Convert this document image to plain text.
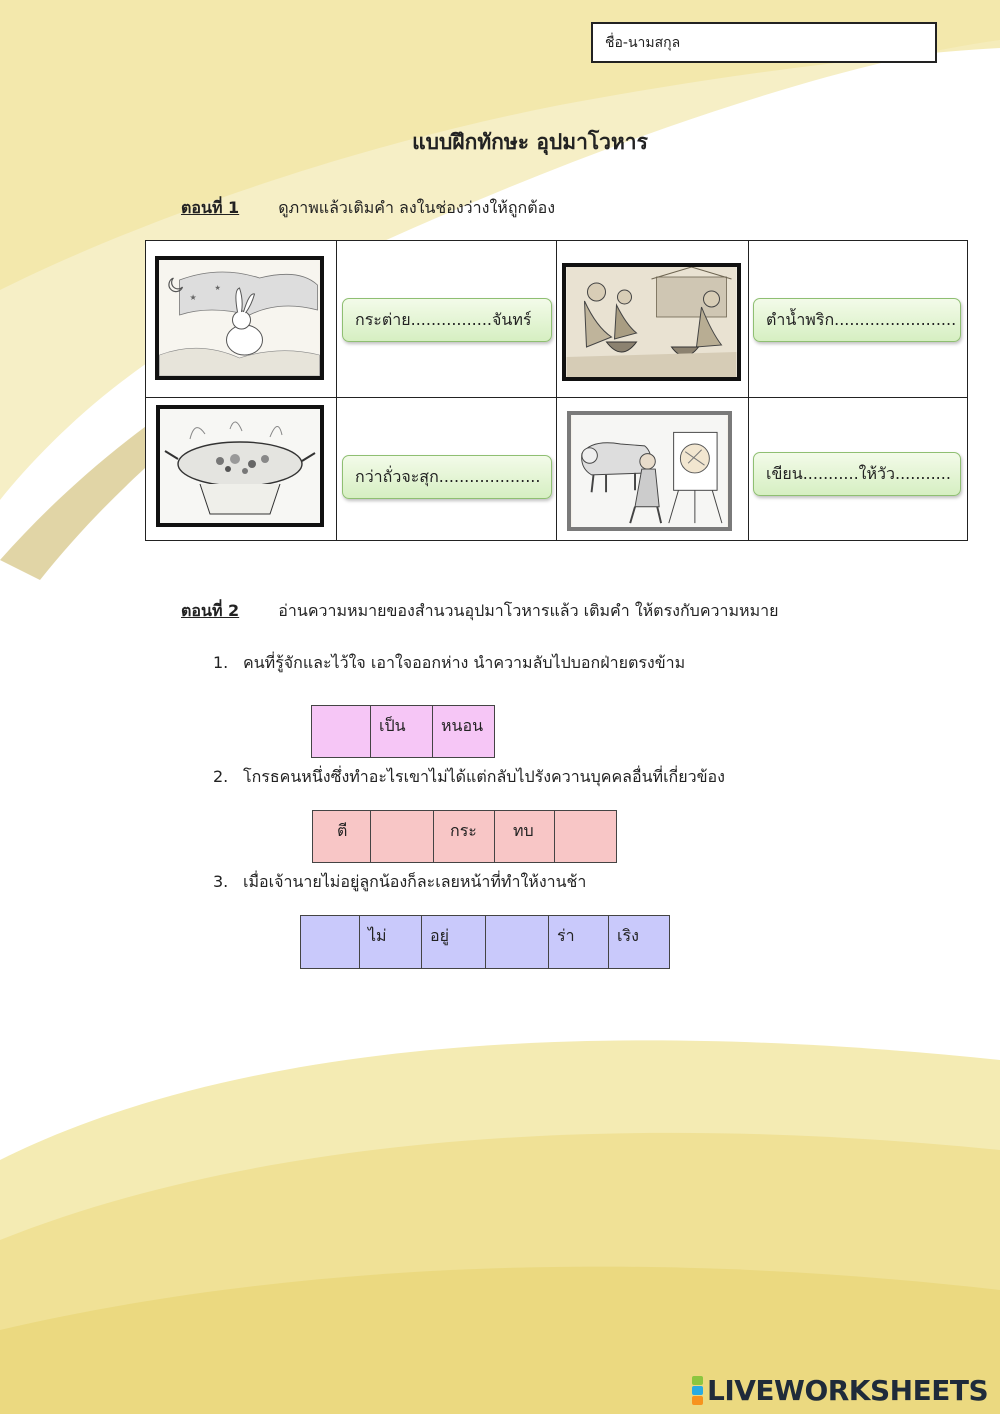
ชื่อ-นามสกุล
แบบฝึกทักษะ อุปมาโวหาร
ตอนที่ 1 ดูภาพแล้วเติมคำ ลงในช่องว่างให้ถูกต้อง
★
★
กระต่าย................จันทร์	ตำน้ำพริก........................
กว่าถั่วจะสุก....................	เขียน...........ให้วัว...........
ตอนที่ 2 อ่านความหมายของสำนวนอุปมาโวหารแล้ว เติมคำ ให้ตรงกับความหมาย
1. คนที่รู้จักและไว้ใจ เอาใจออกห่าง นำความลับไปบอกฝ่ายตรงข้าม
เป็น	หนอน
2. โกรธคนหนึ่งซึ่งทำอะไรเขาไม่ได้แต่กลับไปรังควานบุคคลอื่นที่เกี่ยวข้อง
ตี	กระ	ทบ
3. เมื่อเจ้านายไม่อยู่ลูกน้องก็ละเลยหน้าที่ทำให้งานช้า
ไม่	อยู่	ร่า	เริง
LIVEWORKSHEETS
